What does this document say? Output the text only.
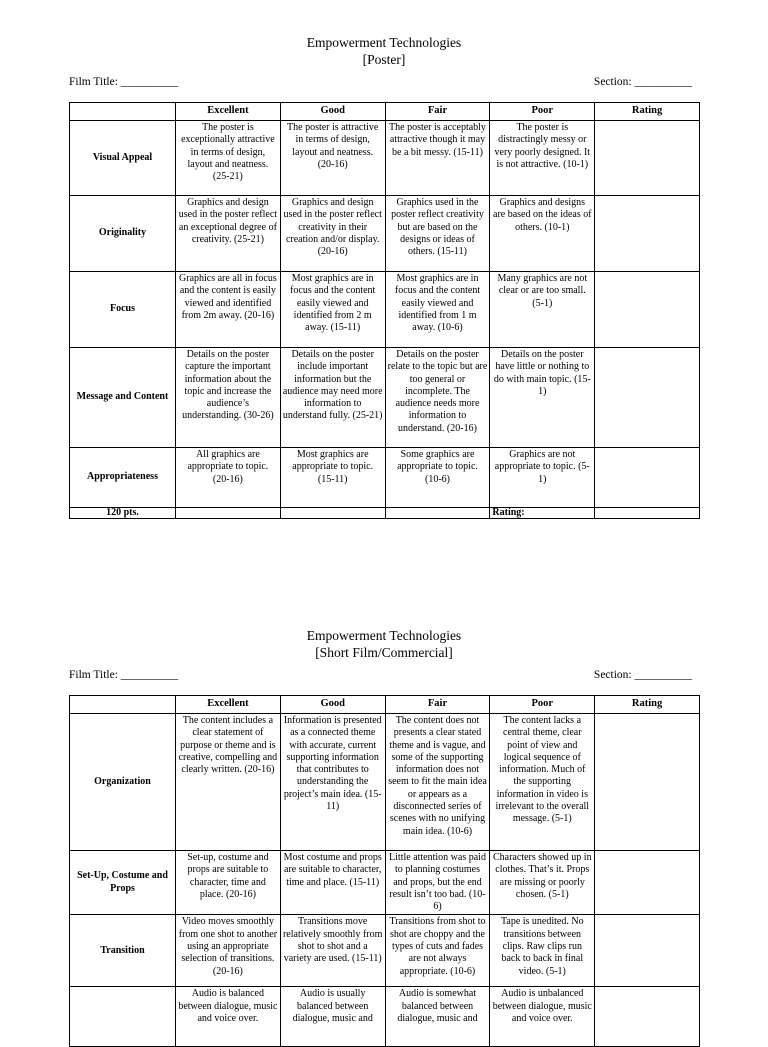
Empowerment Technologies
[Poster]
Film Title: __________	Section: __________
	Excellent	Good	Fair	Poor	Rating
Visual Appeal	The poster is exceptionally attractive in terms of design, layout and neatness. (25-21)	The poster is attractive in terms of design, layout and neatness. (20-16)	The poster is acceptably attractive though it may be a bit messy. (15-11)	The poster is distractingly messy or very poorly designed. It is not attractive. (10-1)	
Originality	Graphics and design used in the poster reflect an exceptional degree of creativity. (25-21)	Graphics and design used in the poster reflect creativity in their creation and/or display. (20-16)	Graphics used in the poster reflect creativity but are based on the designs or ideas of others. (15-11)	Graphics and designs are based on the ideas of others. (10-1)	
Focus	Graphics are all in focus and the content is easily viewed and identified from 2m away. (20-16)	Most graphics are in focus and the content easily viewed and identified from 2 m away. (15-11)	Most graphics are in focus and the content easily viewed and identified from 1 m away. (10-6)	Many graphics are not clear or are too small. (5-1)	
Message and Content	Details on the poster capture the important information about the topic and increase the audience’s understanding. (30-26)	Details on the poster include important information but the audience may need more information to understand fully. (25-21)	Details on the poster relate to the topic but are too general or incomplete. The audience needs more information to understand. (20-16)	Details on the poster have little or nothing to do with main topic. (15-1)	
Appropriateness	All graphics are appropriate to topic. (20-16)	Most graphics are appropriate to topic. (15-11)	Some graphics are appropriate to topic. (10-6)	Graphics are not appropriate to topic. (5-1)	
120 pts.				Rating:	
Empowerment Technologies
[Short Film/Commercial]
Film Title: __________	Section: __________
	Excellent	Good	Fair	Poor	Rating
Organization	The content includes a clear statement of purpose or theme and is creative, compelling and clearly written. (20-16)	Information is presented as a connected theme with accurate, current supporting information that contributes to understanding the project’s main idea. (15-11)	The content does not presents a clear stated theme and is vague, and some of the supporting information does not seem to fit the main idea or appears as a disconnected series of scenes with no unifying main idea. (10-6)	The content lacks a central theme, clear point of view and logical sequence of information. Much of the supporting information in video is irrelevant to the overall message. (5-1)	
Set-Up, Costume and Props	Set-up, costume and props are suitable to character, time and place. (20-16)	Most costume and props are suitable to character, time and place. (15-11)	Little attention was paid to planning costumes and props, but the end result isn’t too bad. (10-6)	Characters showed up in clothes. That’s it. Props are missing or poorly chosen. (5-1)	
Transition	Video moves smoothly from one shot to another using an appropriate selection of transitions. (20-16)	Transitions move relatively smoothly from shot to shot and a variety are used. (15-11)	Transitions from shot to shot are choppy and the types of cuts and fades are not always appropriate. (10-6)	Tape is unedited. No transitions between clips. Raw clips run back to back in final video. (5-1)	
	Audio is balanced between dialogue, music and voice over.	Audio is usually balanced between dialogue, music and	Audio is somewhat balanced between dialogue, music and	Audio is unbalanced between dialogue, music and voice over.	
